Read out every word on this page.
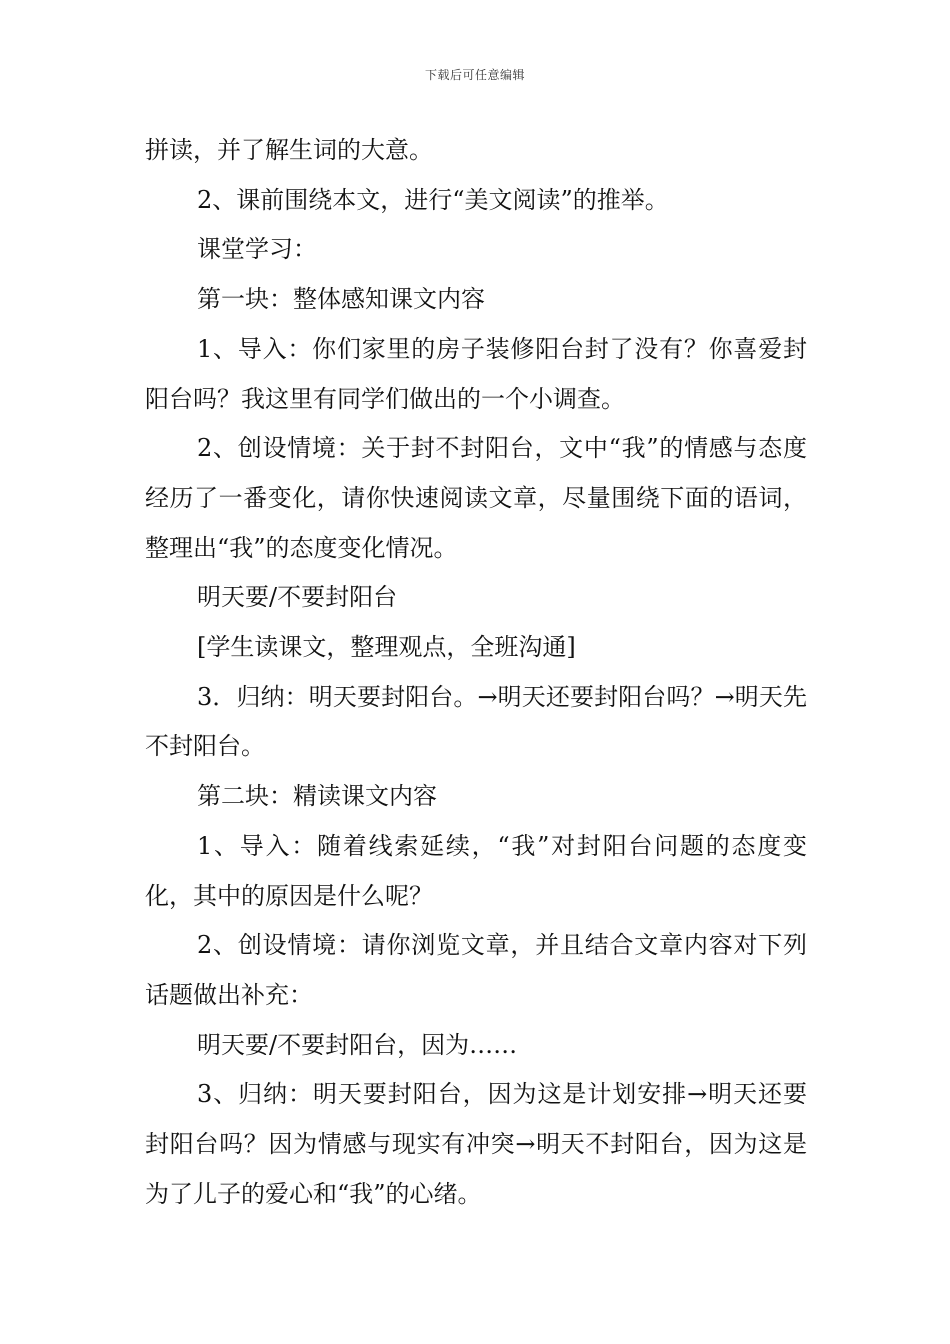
下载后可任意编辑

拼读，并了解生词的大意。

2、课前围绕本文，进行“美文阅读”的推举。

课堂学习：

第一块：整体感知课文内容

1、导入：你们家里的房子装修阳台封了没有？你喜爱封阳台吗？我这里有同学们做出的一个小调查。

2、创设情境：关于封不封阳台，文中“我”的情感与态度经历了一番变化，请你快速阅读文章，尽量围绕下面的语词，整理出“我”的态度变化情况。

明天要/不要封阳台

[学生读课文，整理观点，全班沟通]

3．归纳：明天要封阳台。→明天还要封阳台吗？→明天先不封阳台。

第二块：精读课文内容

1、导入：随着线索延续，“我”对封阳台问题的态度变化，其中的原因是什么呢？

2、创设情境：请你浏览文章，并且结合文章内容对下列话题做出补充：

明天要/不要封阳台，因为……

3、归纳：明天要封阳台，因为这是计划安排→明天还要封阳台吗？因为情感与现实有冲突→明天不封阳台，因为这是为了儿子的爱心和“我”的心绪。
